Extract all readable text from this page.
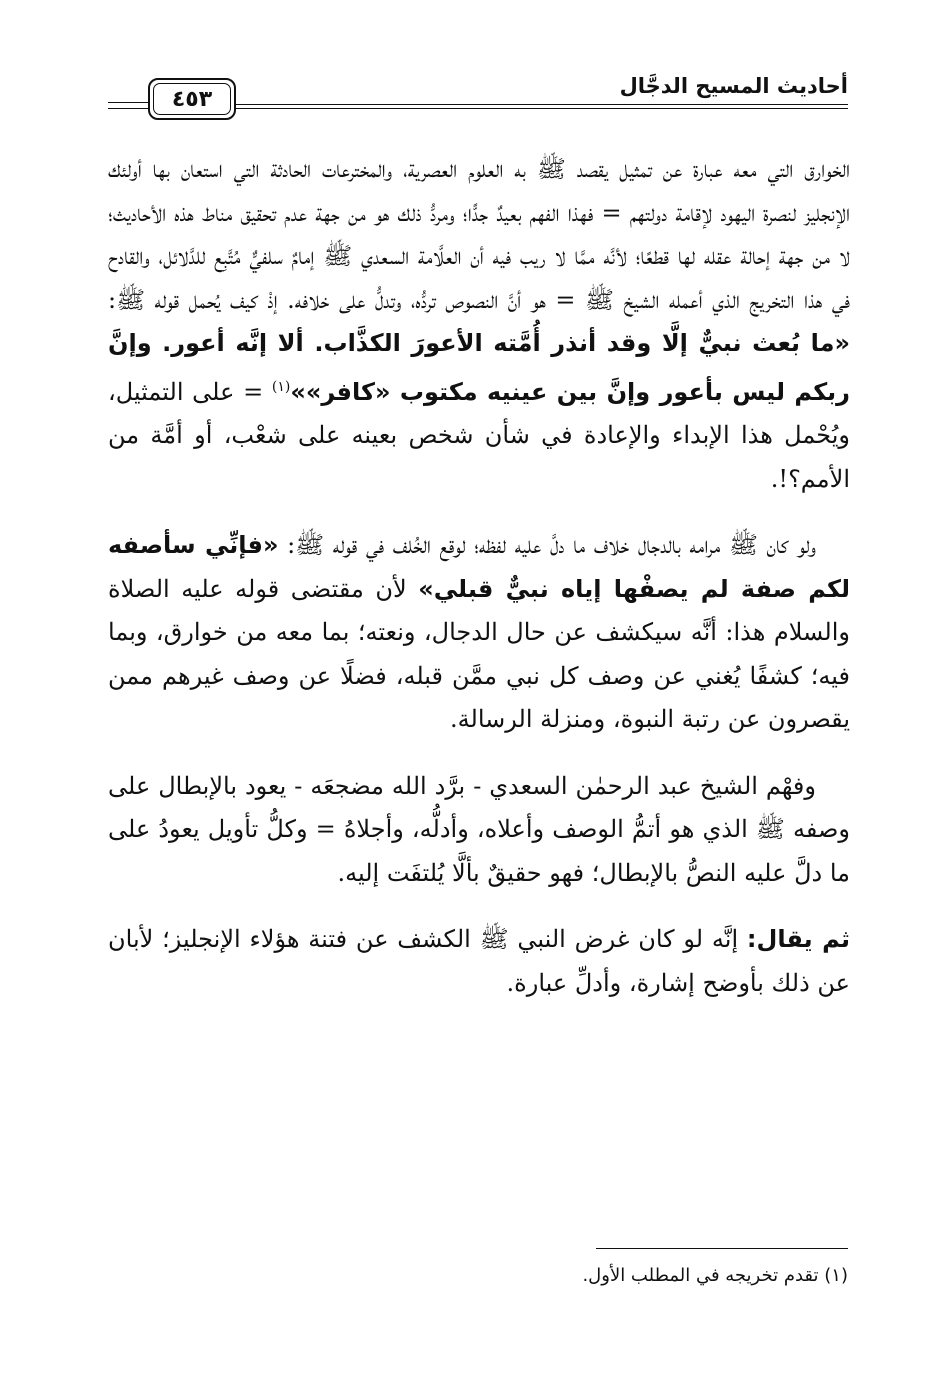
أحاديث المسيح الدجَّال
٤٥٣

الخوارق التي معه عبارة عن تمثيل يقصد ﷺ به العلوم العصرية، والمخترعات الحادثة التي استعان بها أولئك الإنجليز لنصرة اليهود لإقامة دولتهم = فهذا الفهم بعيدٌ جدًّا؛ ومردُّ ذلك هو من جهة عدم تحقيق مناط هذه الأحاديث؛ لا من جهة إحالة عقله لها قطعًا؛ لأنَّه ممَّا لا ريب فيه أن العلَّامة السعدي ﷺ إمامٌ سلفيٌّ مُتَّبِع للدَّلائل، والقادح في هذا التخريج الذي أعمله الشيخ ﷺ = هو أنَّ النصوص تردُّه، وتدلُّ على خلافه. إذْ كيف يُحمل قوله ﷺ: «ما بُعث نبيٌّ إلَّا وقد أنذر أُمَّته الأعورَ الكذَّاب. ألا إنَّه أعور. وإنَّ ربكم ليس بأعور وإنَّ بين عينيه مكتوب «كافر»»$^{(١)}$ = على التمثيل، ويُحْمل هذا الإبداء والإعادة في شأن شخص بعينه على شعْب، أو أمَّة من الأمم؟!.

ولو كان ﷺ مرامه بالدجال خلاف ما دلَّ عليه لفظه؛ لوقع الخُلف في قوله ﷺ: «فإنِّي سأصفه لكم صفة لم يصفْها إياه نبيٌّ قبلي» لأن مقتضى قوله عليه الصلاة والسلام هذا: أنَّه سيكشف عن حال الدجال، ونعته؛ بما معه من خوارق، وبما فيه؛ كشفًا يُغني عن وصف كل نبي ممَّن قبله، فضلًا عن وصف غيرهم ممن يقصرون عن رتبة النبوة، ومنزلة الرسالة.

وفهْم الشيخ عبد الرحمٰن السعدي - برَّد الله مضجعَه - يعود بالإبطال على وصفه ﷺ الذي هو أتمُّ الوصف وأعلاه، وأدلُّه، وأجلاهُ = وكلُّ تأويل يعودُ على ما دلَّ عليه النصُّ بالإبطال؛ فهو حقيقٌ بألَّا يُلتفَت إليه.

ثم يقال: إنَّه لو كان غرض النبي ﷺ الكشف عن فتنة هؤلاء الإنجليز؛ لأبان عن ذلك بأوضح إشارة، وأدلِّ عبارة.

(١) تقدم تخريجه في المطلب الأول.
